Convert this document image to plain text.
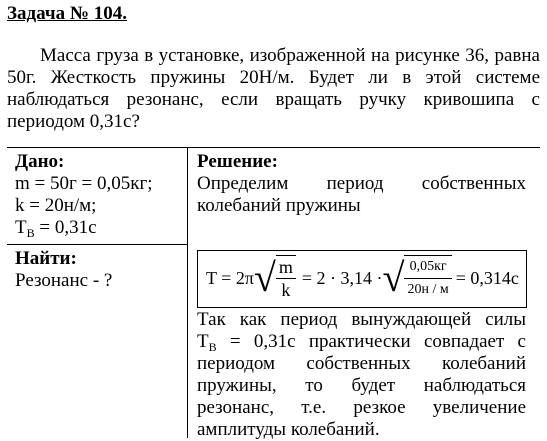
Задача № 104.
Масса груза в установке, изображенной на рисунке 36, равна 50г. Жесткость пружины 20Н/м. Будет ли в этой системе наблюдаться резонанс, если вращать ручку кривошипа с периодом 0,31с?
Дано:
m = 50г = 0,05кг;
k = 20н/м;
$T_B = 0,31с$
Найти:
Резонанс - ?
Решение:
Определим период собственных
колебаний пружины
T = 2π √ $\frac{m}{k} = 2 \cdot 3,14$ · √ $\frac{0,05кг}{20н / м} = 0,314с$
Так как период вынуждающей силы
$T_B = 0,31с$ практически совпадает с
периодом собственных колебаний
пружины, то будет наблюдаться
резонанс, т.е. резкое увеличение
амплитуды колебаний.
